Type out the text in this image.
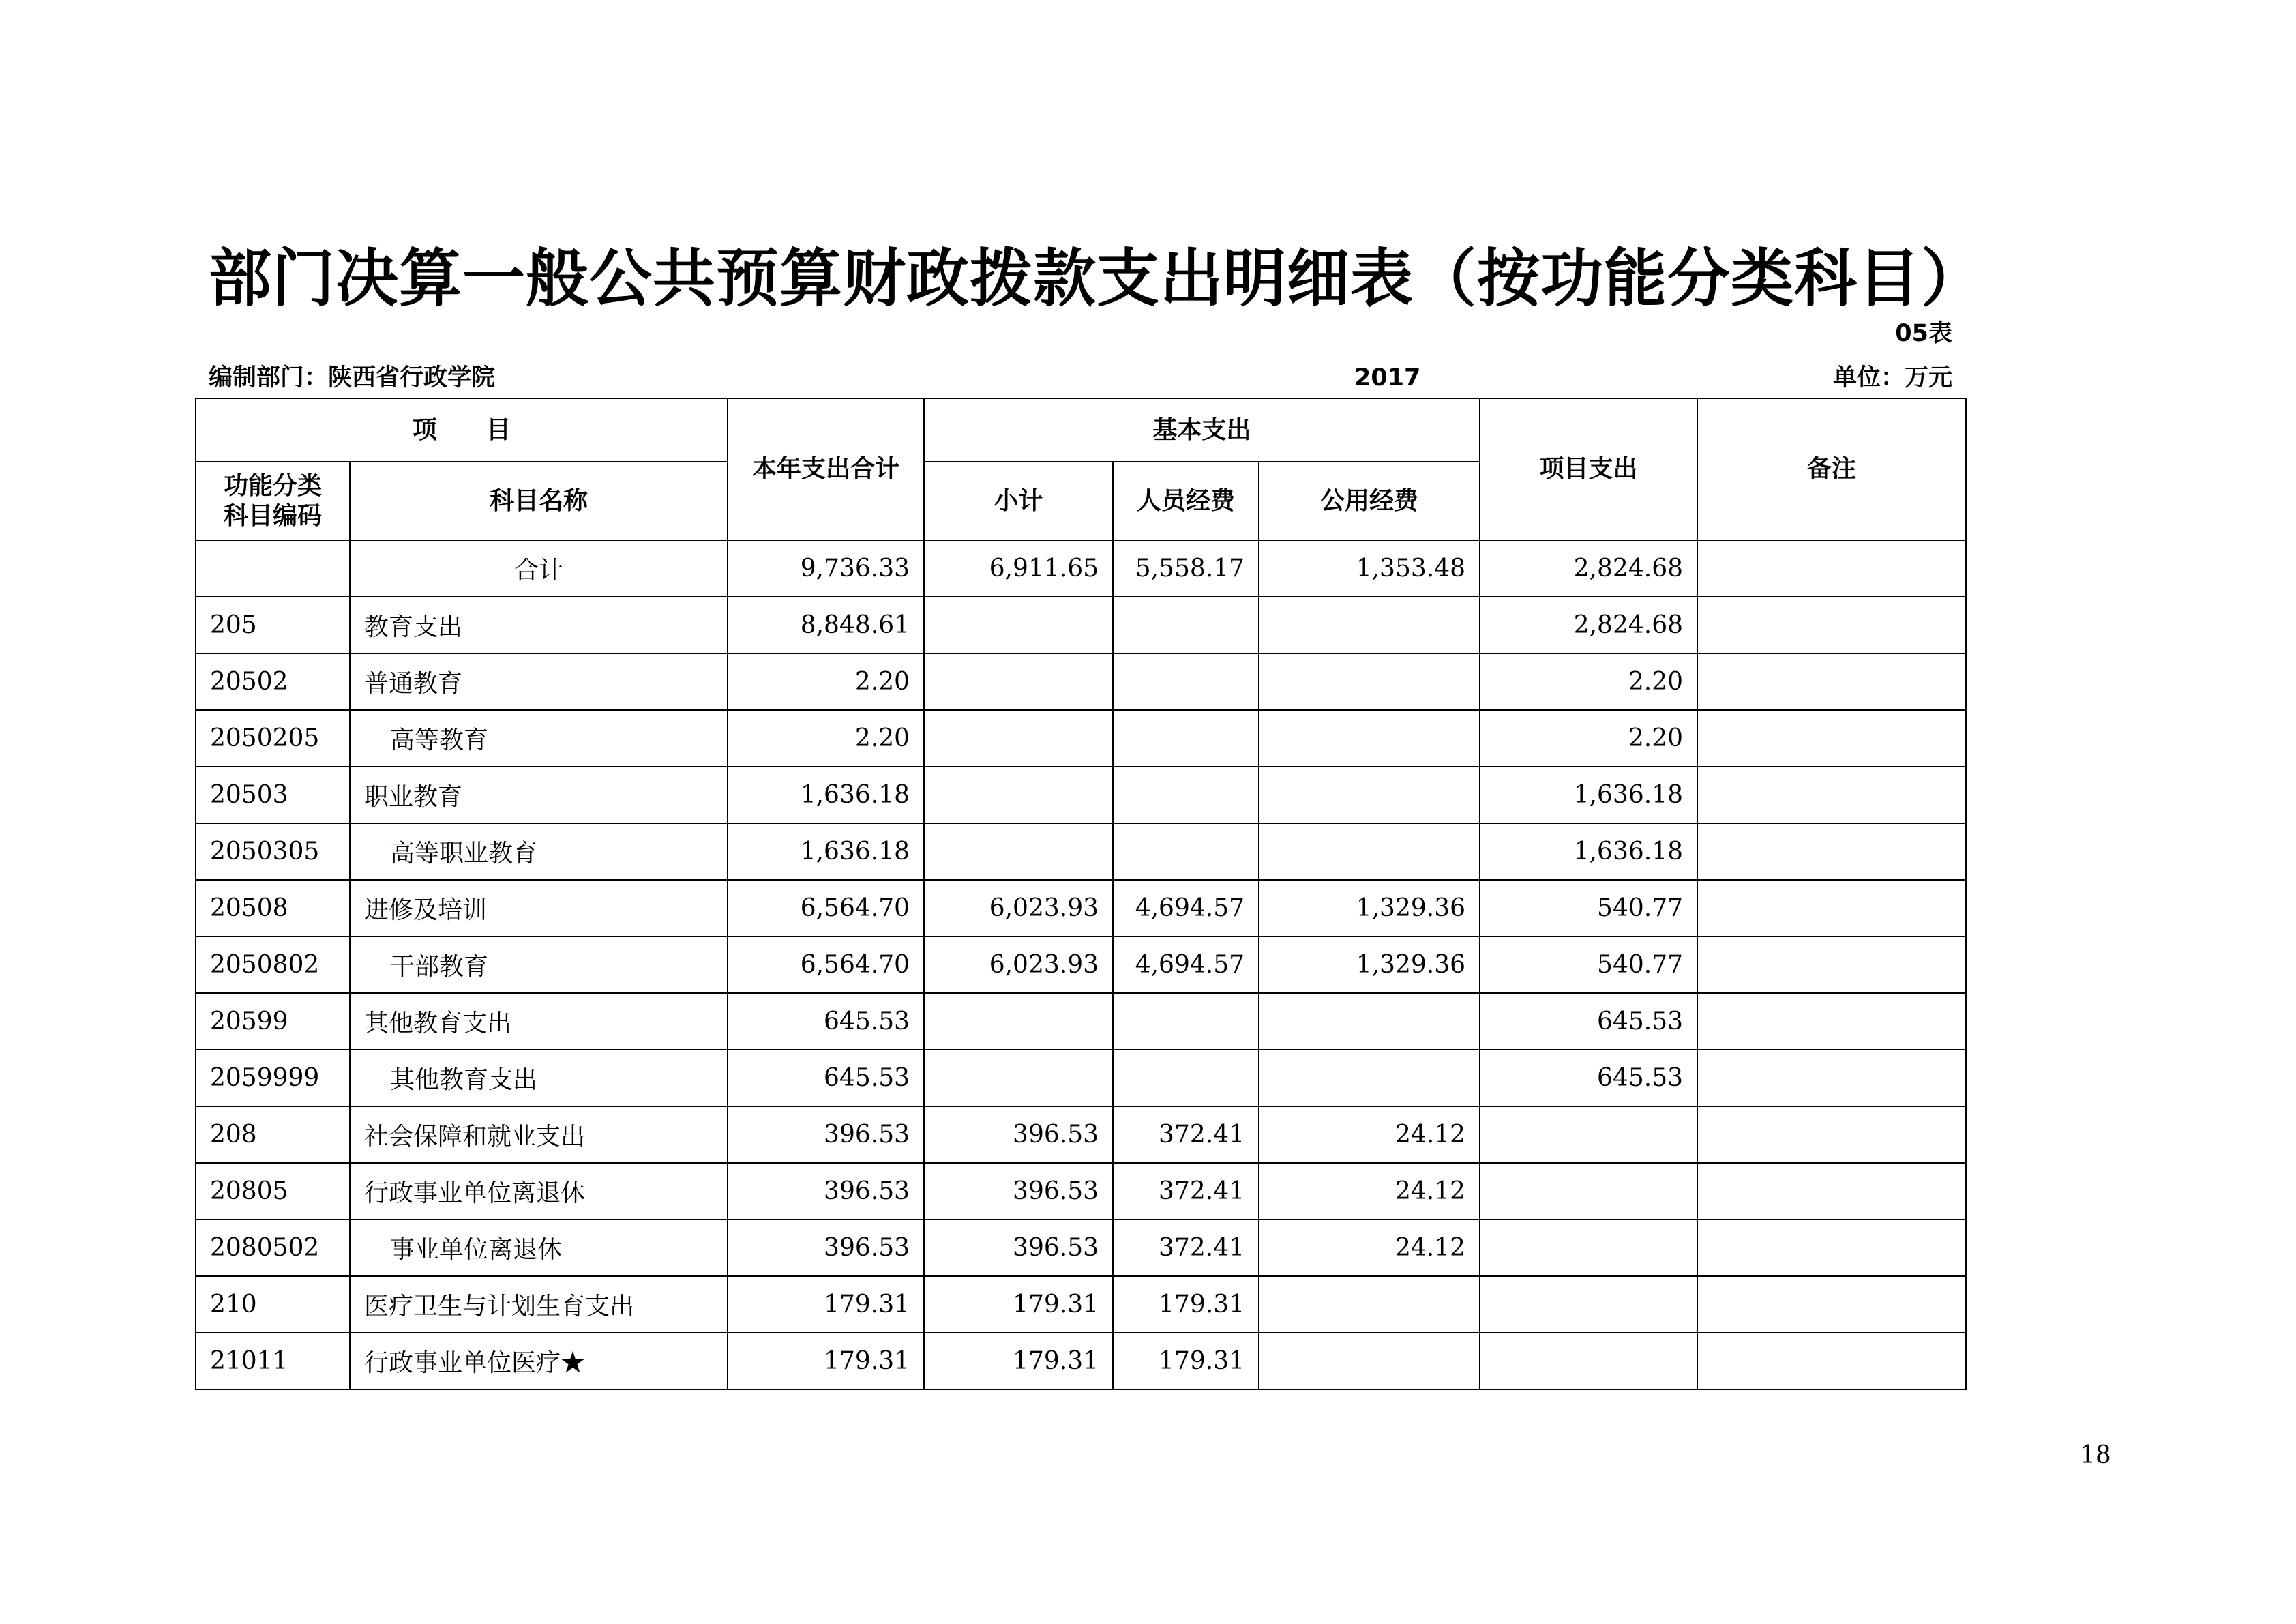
部门决算一般公共预算财政拨款支出明细表（按功能分类科目）
05表
编制部门：陕西省行政学院	2017	单位：万元
项　　目		本年支出合计	基本支出			项目支出	备注
功能分类
科目编码	科目名称		小计	人员经费	公用经费		
	合计	9,736.33	6,911.65	5,558.17	1,353.48	2,824.68	
205	教育支出	8,848.61				2,824.68	
20502	普通教育	2.20				2.20	
2050205	高等教育	2.20				2.20	
20503	职业教育	1,636.18				1,636.18	
2050305	高等职业教育	1,636.18				1,636.18	
20508	进修及培训	6,564.70	6,023.93	4,694.57	1,329.36	540.77	
2050802	干部教育	6,564.70	6,023.93	4,694.57	1,329.36	540.77	
20599	其他教育支出	645.53				645.53	
2059999	其他教育支出	645.53				645.53	
208	社会保障和就业支出	396.53	396.53	372.41	24.12		
20805	行政事业单位离退休	396.53	396.53	372.41	24.12		
2080502	事业单位离退休	396.53	396.53	372.41	24.12		
210	医疗卫生与计划生育支出	179.31	179.31	179.31			
21011	行政事业单位医疗★	179.31	179.31	179.31			
18
